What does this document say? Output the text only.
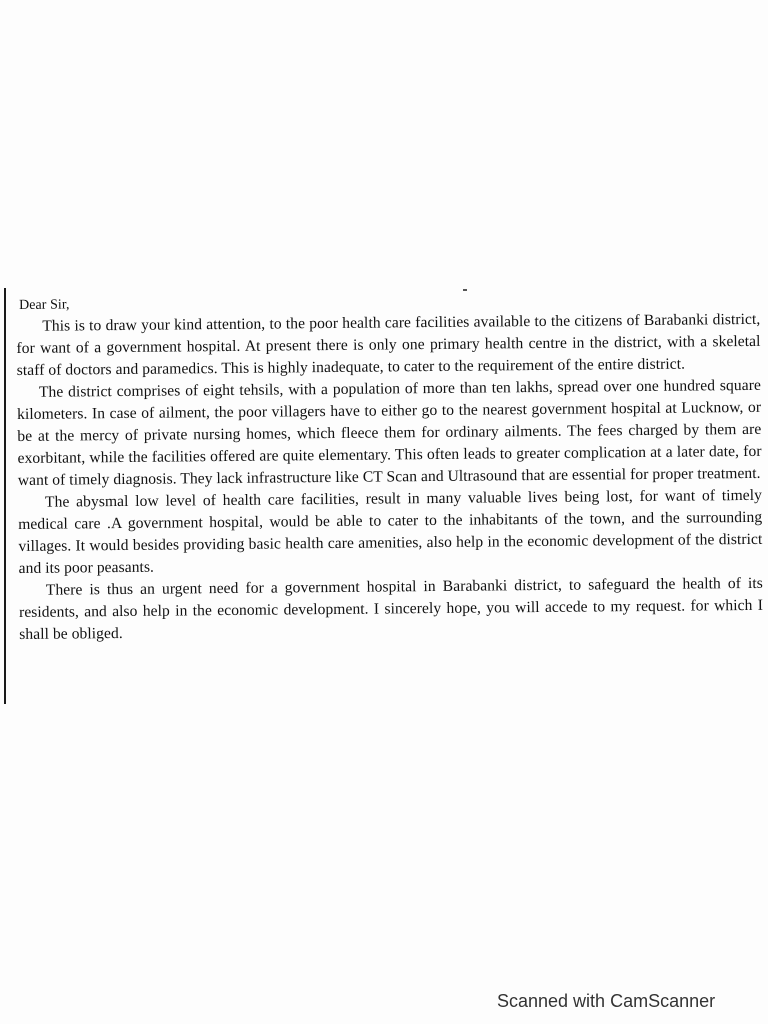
Dear Sir,

This is to draw your kind attention, to the poor health care facilities available to the citizens of Barabanki district, for want of a government hospital. At present there is only one primary health centre in the district, with a skeletal staff of doctors and paramedics. This is highly inadequate, to cater to the requirement of the entire district.

The district comprises of eight tehsils, with a population of more than ten lakhs, spread over one hundred square kilometers. In case of ailment, the poor villagers have to either go to the nearest government hospital at Lucknow, or be at the mercy of private nursing homes, which fleece them for ordinary ailments. The fees charged by them are exorbitant, while the facilities offered are quite elementary. This often leads to greater complication at a later date, for want of timely diagnosis. They lack infrastructure like CT Scan and Ultrasound that are essential for proper treatment.

The abysmal low level of health care facilities, result in many valuable lives being lost, for want of timely medical care .A government hospital, would be able to cater to the inhabitants of the town, and the surrounding villages. It would besides providing basic health care amenities, also help in the economic development of the district and its poor peasants.

There is thus an urgent need for a government hospital in Barabanki district, to safeguard the health of its residents, and also help in the economic development. I sincerely hope, you will accede to my request. for which I shall be obliged.

Scanned with CamScanner
